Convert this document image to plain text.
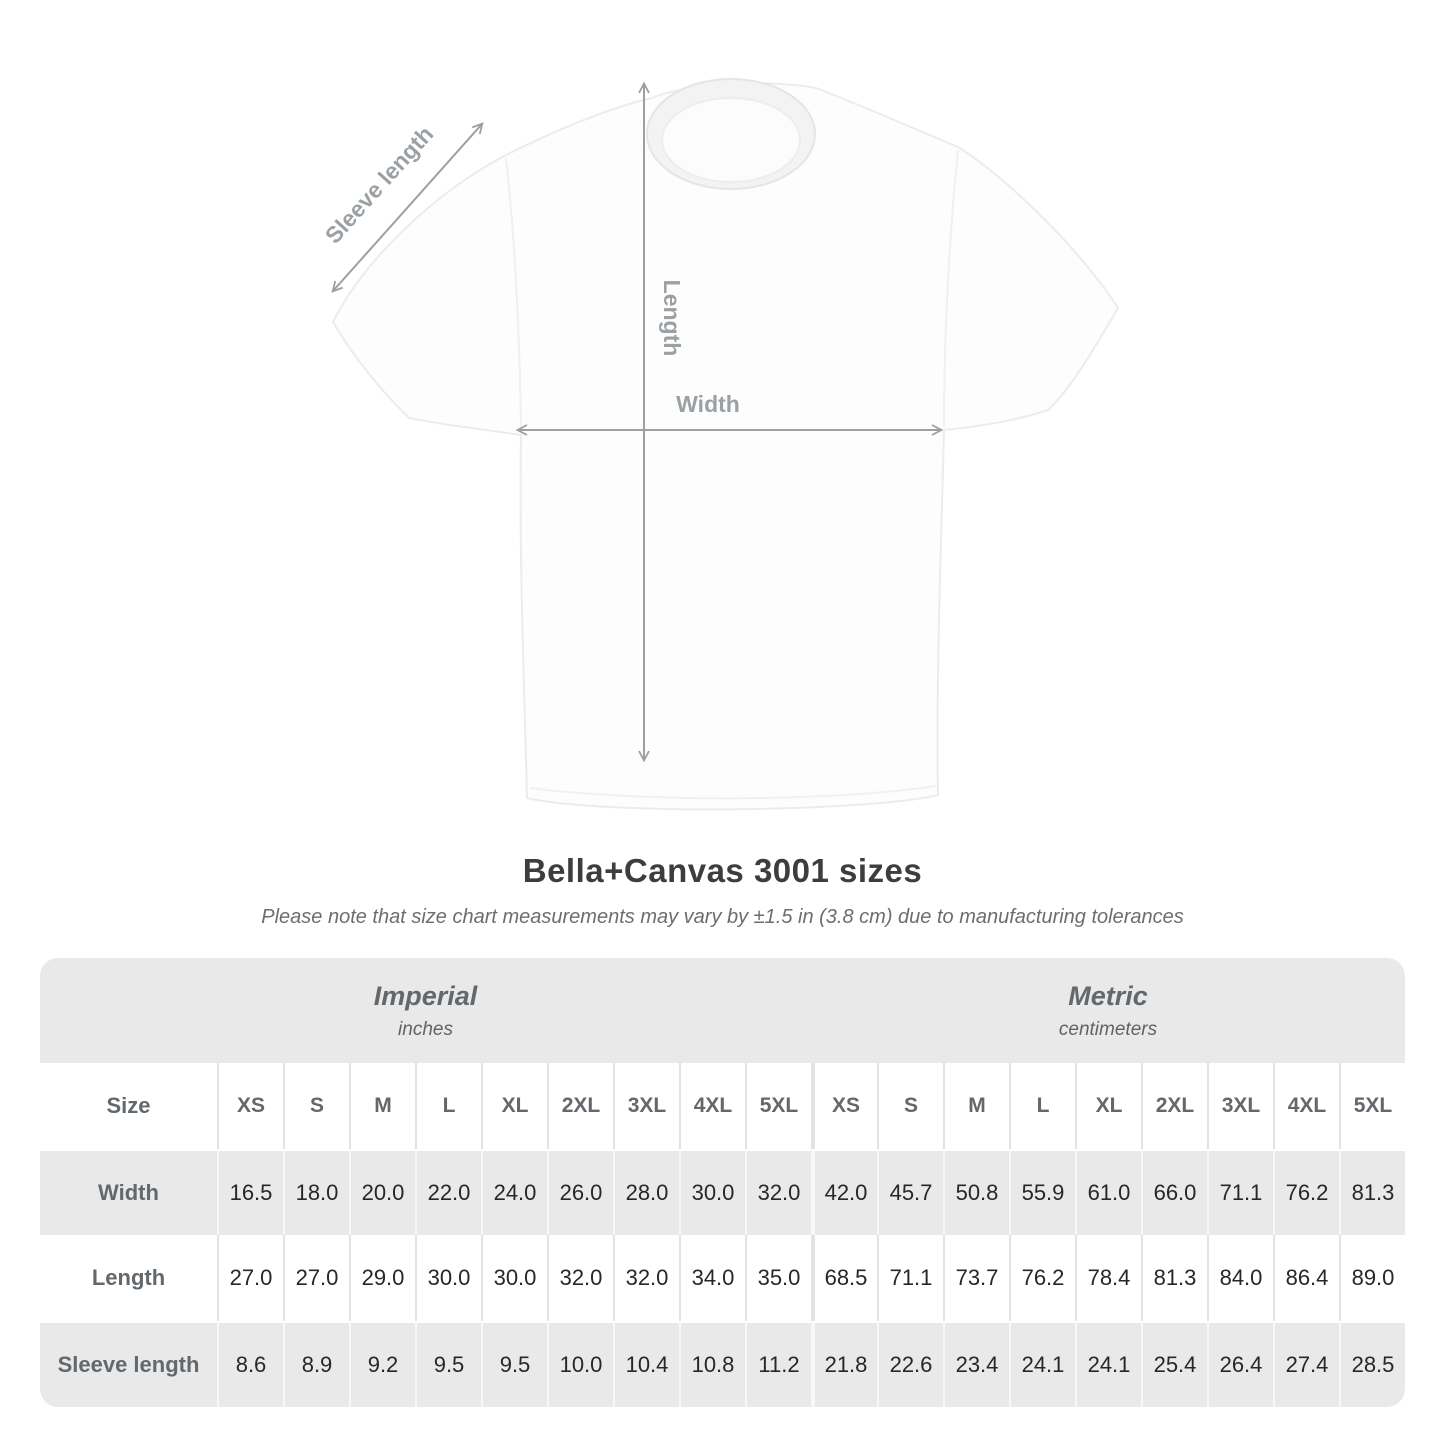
Width
Length
Sleeve length
Bella+Canvas 3001 sizes
Please note that size chart measurements may vary by ±1.5 in (3.8 cm) due to manufacturing tolerances
Imperial
inches
Metric
centimeters
Size	XS	S	M	L	XL	2XL	3XL	4XL	5XL	XS	S	M	L	XL	2XL	3XL	4XL	5XL
Width	16.5	18.0	20.0	22.0	24.0	26.0	28.0	30.0	32.0	42.0	45.7	50.8	55.9	61.0	66.0	71.1	76.2	81.3
Length	27.0	27.0	29.0	30.0	30.0	32.0	32.0	34.0	35.0	68.5	71.1	73.7	76.2	78.4	81.3	84.0	86.4	89.0
Sleeve length	8.6	8.9	9.2	9.5	9.5	10.0	10.4	10.8	11.2	21.8	22.6	23.4	24.1	24.1	25.4	26.4	27.4	28.5
